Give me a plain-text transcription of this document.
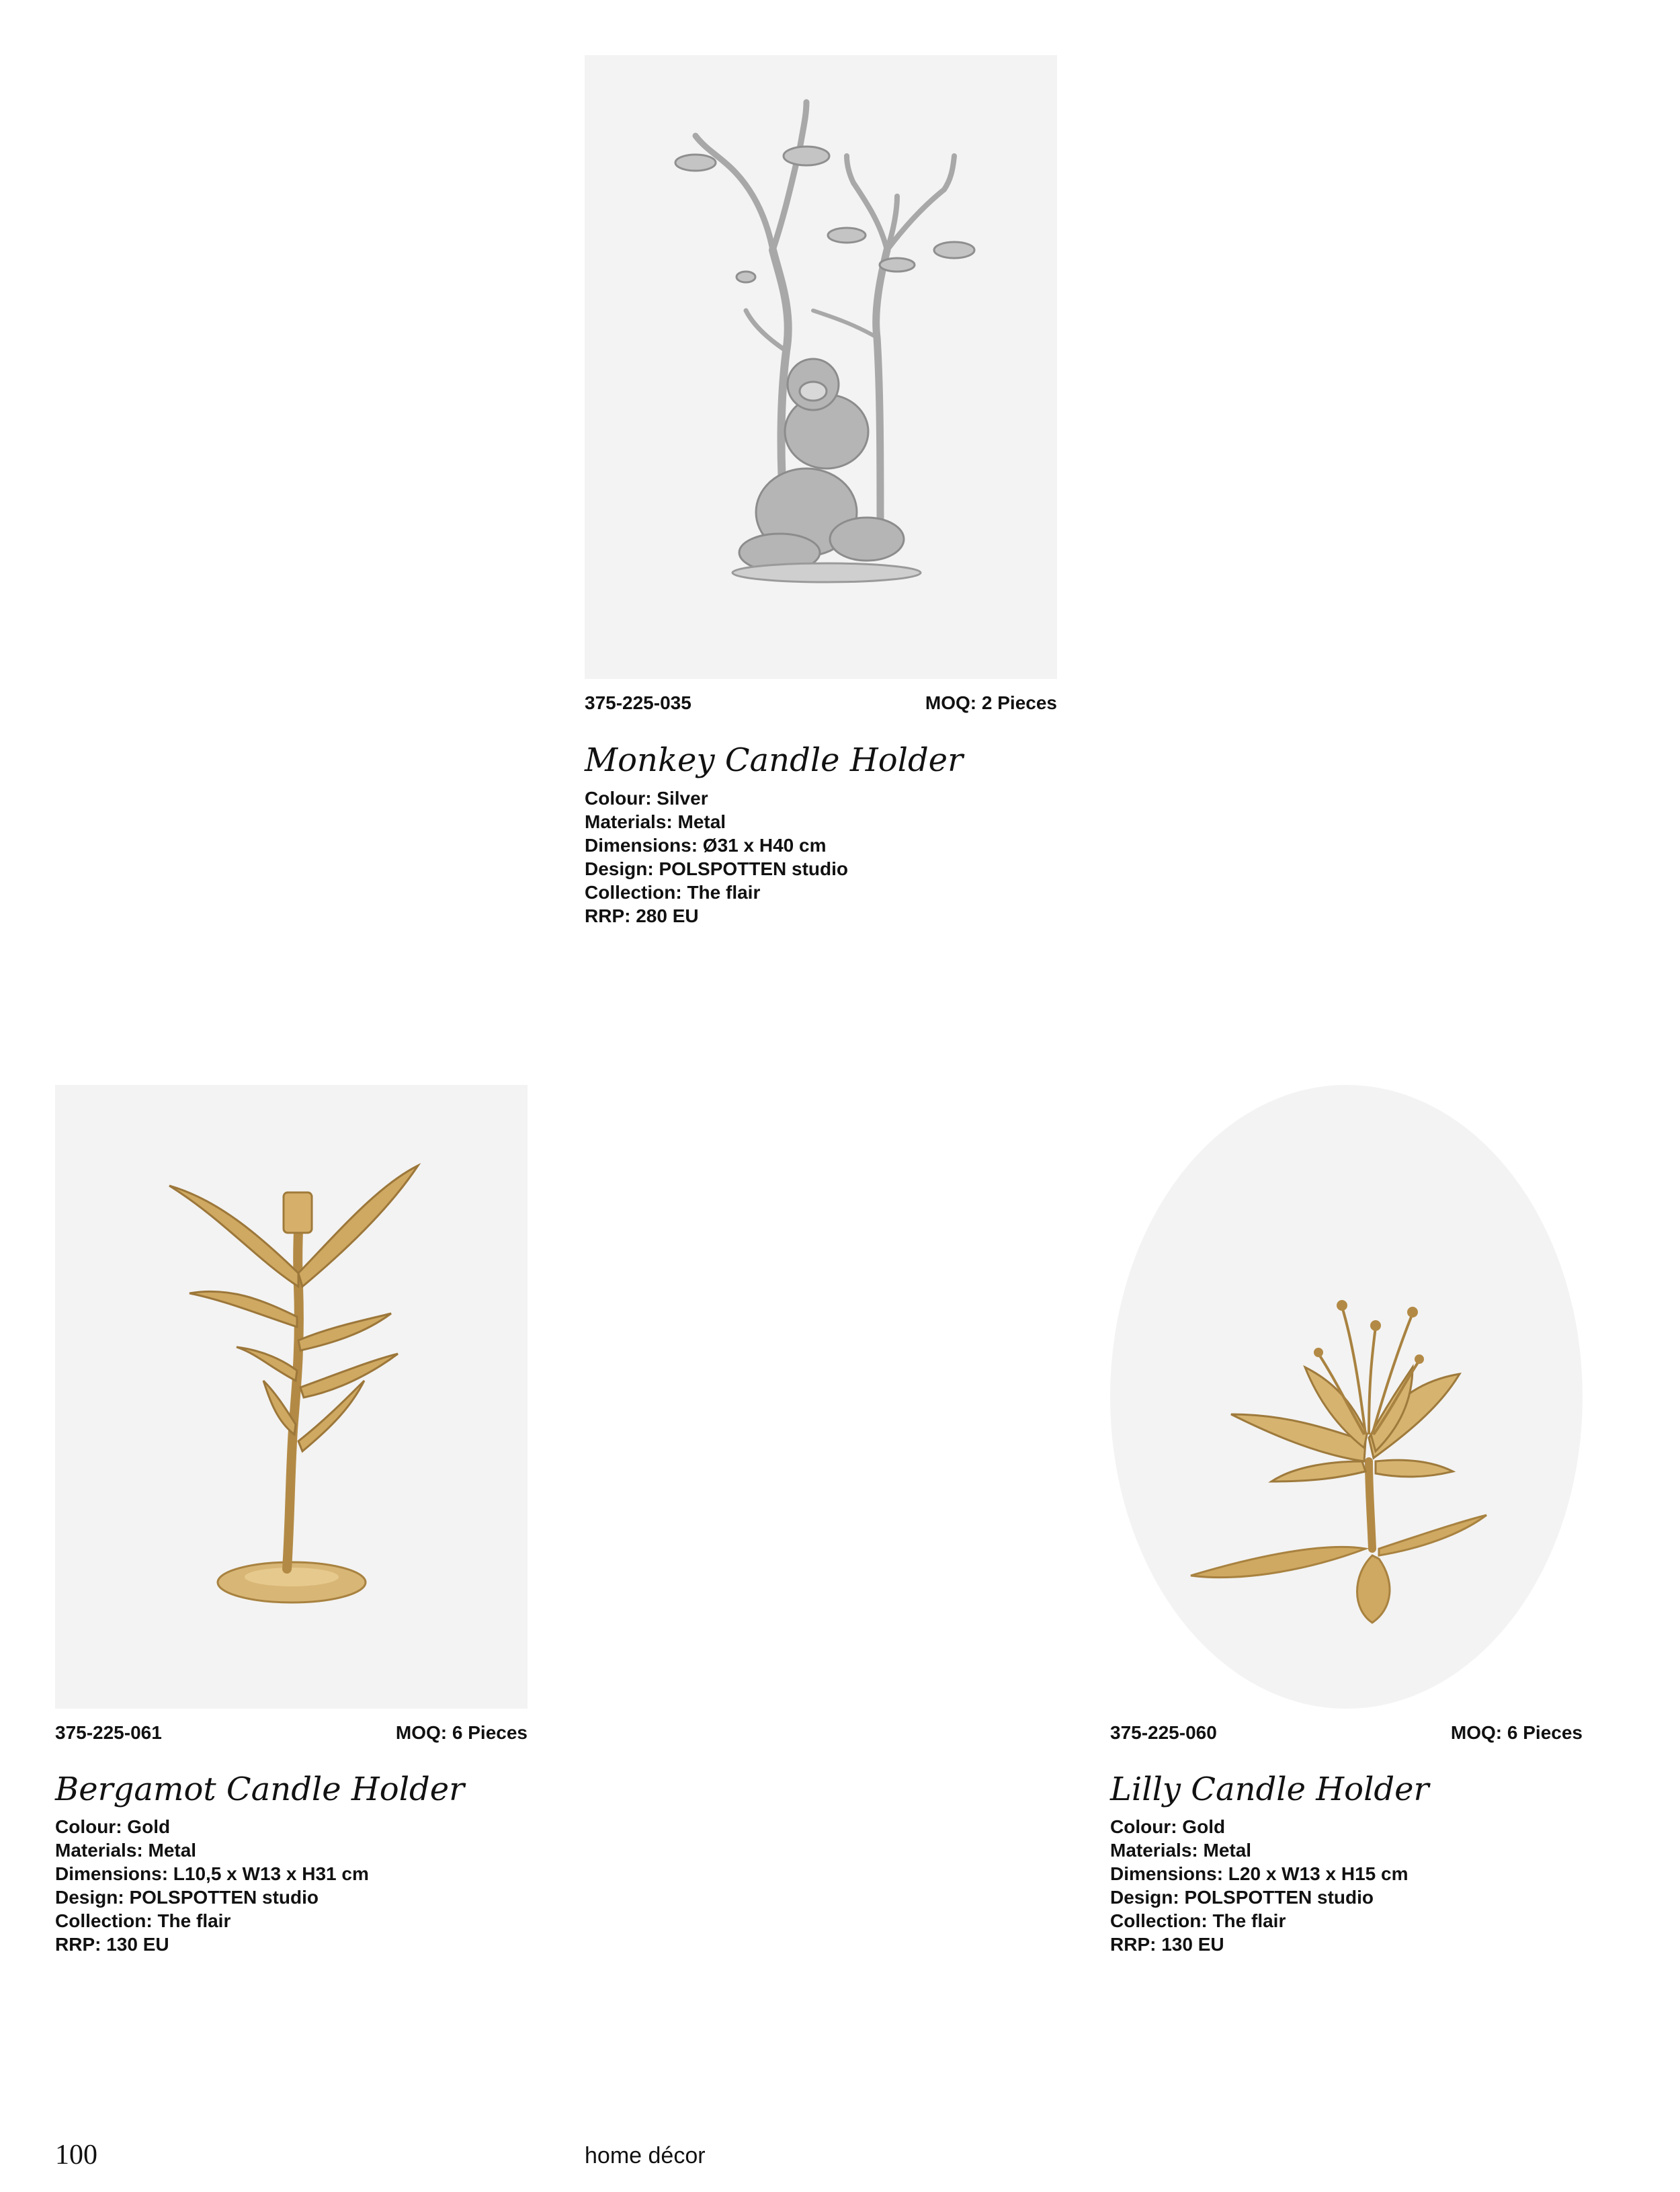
375-225-035	MOQ: 2 Pieces
Monkey Candle Holder
Colour: Silver
Materials: Metal
Dimensions: Ø31 x H40 cm
Design: POLSPOTTEN studio
Collection: The flair
RRP: 280 EU
375-225-061	MOQ: 6 Pieces
Bergamot Candle Holder
Colour: Gold
Materials: Metal
Dimensions: L10,5 x W13 x H31 cm
Design: POLSPOTTEN studio
Collection: The flair
RRP: 130 EU
375-225-060	MOQ: 6 Pieces
Lilly Candle Holder
Colour: Gold
Materials: Metal
Dimensions: L20 x W13 x H15 cm
Design: POLSPOTTEN studio
Collection: The flair
RRP: 130 EU
100	home décor
